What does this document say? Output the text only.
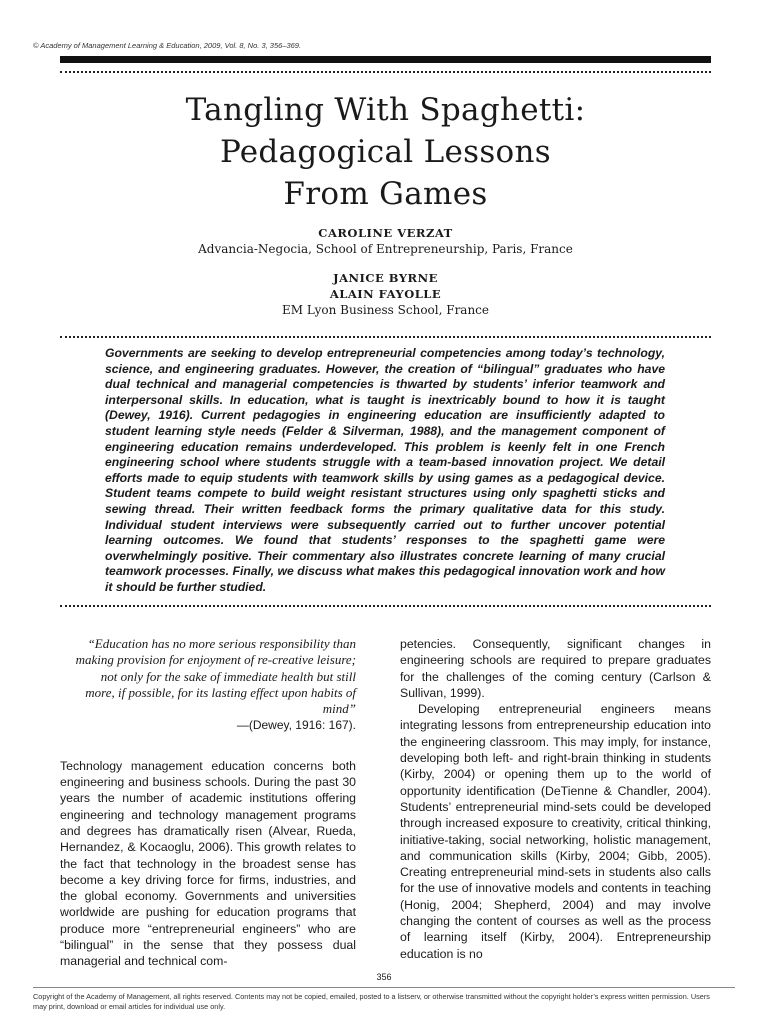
© Academy of Management Learning & Education, 2009, Vol. 8, No. 3, 356–369.
Tangling With Spaghetti:
Pedagogical Lessons
From Games
CAROLINE VERZAT
Advancia-Negocia, School of Entrepreneurship, Paris, France
JANICE BYRNE
ALAIN FAYOLLE
EM Lyon Business School, France
Governments are seeking to develop entrepreneurial competencies among today’s technology, science, and engineering graduates. However, the creation of “bilingual” graduates who have dual technical and managerial competencies is thwarted by students’ inferior teamwork and interpersonal skills. In education, what is taught is inextricably bound to how it is taught (Dewey, 1916). Current pedagogies in engineering education are insufficiently adapted to student learning style needs (Felder & Silverman, 1988), and the management component of engineering education remains underdeveloped. This problem is keenly felt in one French engineering school where students struggle with a team-based innovation project. We detail efforts made to equip students with teamwork skills by using games as a pedagogical device. Student teams compete to build weight resistant structures using only spaghetti sticks and sewing thread. Their written feedback forms the primary qualitative data for this study. Individual student interviews were subsequently carried out to further uncover potential learning outcomes. We found that students’ responses to the spaghetti game were overwhelmingly positive. Their commentary also illustrates concrete learning of many crucial teamwork processes. Finally, we discuss what makes this pedagogical innovation work and how it should be further studied.

“Education has no more serious responsibility than making provision for enjoyment of re-creative leisure; not only for the sake of immediate health but still more, if possible, for its lasting effect upon habits of mind”

—(Dewey, 1916: 167).

Technology management education concerns both engineering and business schools. During the past 30 years the number of academic institutions offering engineering and technology management programs and degrees has dramatically risen (Alvear, Rueda, Hernandez, & Kocaoglu, 2006). This growth relates to the fact that technology in the broadest sense has become a key driving force for firms, industries, and the global economy. Governments and universities worldwide are pushing for education programs that produce more “entrepreneurial engineers” who are “bilingual” in the sense that they possess dual managerial and technical com-

petencies. Consequently, significant changes in engineering schools are required to prepare graduates for the challenges of the coming century (Carlson & Sullivan, 1999).

Developing entrepreneurial engineers means integrating lessons from entrepreneurship education into the engineering classroom. This may imply, for instance, developing both left- and right-brain thinking in students (Kirby, 2004) or opening them up to the world of opportunity identification (DeTienne & Chandler, 2004). Students’ entrepreneurial mind-sets could be developed through increased exposure to creativity, critical thinking, initiative-taking, social networking, holistic management, and communication skills (Kirby, 2004; Gibb, 2005). Creating entrepreneurial mind-sets in students also calls for the use of innovative models and contents in teaching (Honig, 2004; Shepherd, 2004) and may involve changing the content of courses as well as the process of learning itself (Kirby, 2004). Entrepreneurship education is no

356
Copyright of the Academy of Management, all rights reserved. Contents may not be copied, emailed, posted to a listserv, or otherwise transmitted without the copyright holder’s express written permission. Users may print, download or email articles for individual use only.
